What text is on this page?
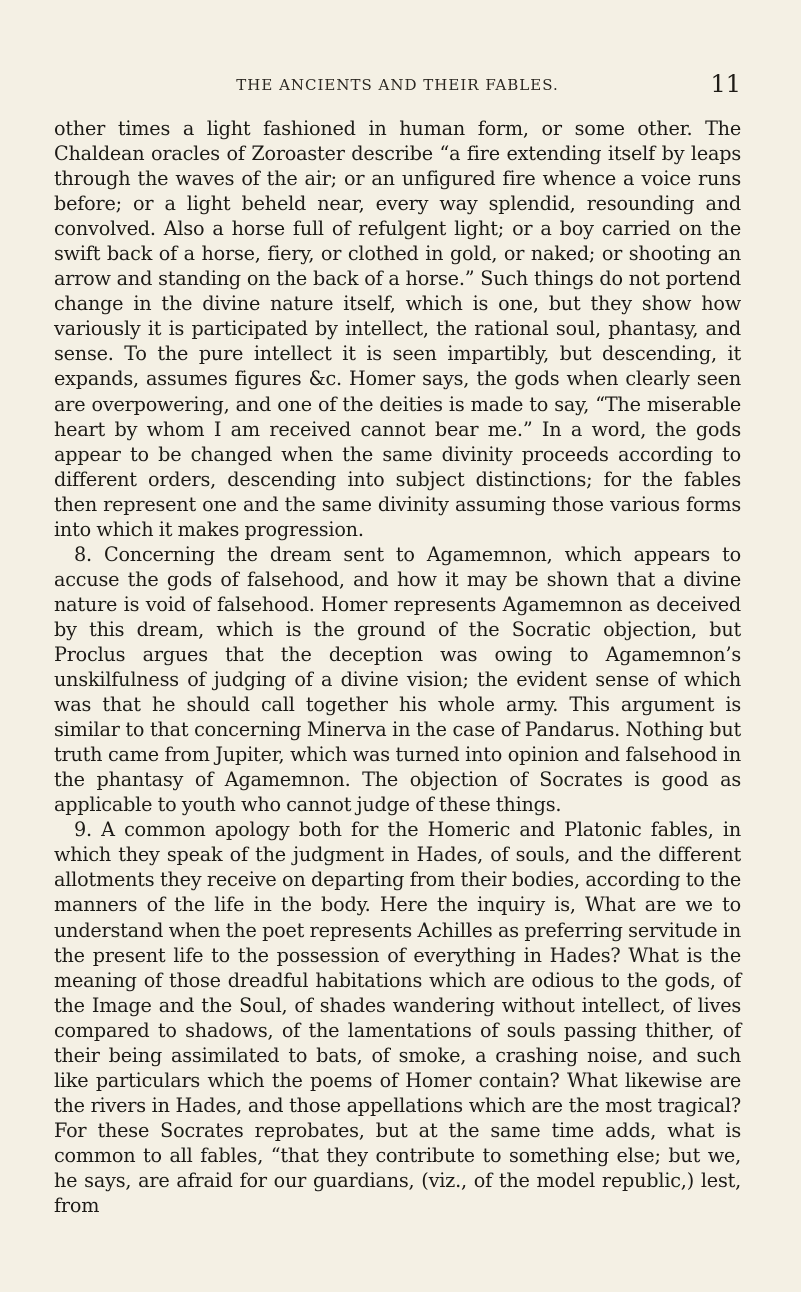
THE ANCIENTS AND THEIR FABLES.	11

other times a light fashioned in human form, or some other. The Chaldean oracles of Zoroaster describe “a fire extending itself by leaps through the waves of the air; or an unfigured fire whence a voice runs before; or a light beheld near, every way splendid, resounding and convolved. Also a horse full of refulgent light; or a boy carried on the swift back of a horse, fiery, or clothed in gold, or naked; or shooting an arrow and standing on the back of a horse.” Such things do not portend change in the divine nature itself, which is one, but they show how variously it is participated by intellect, the rational soul, phantasy, and sense. To the pure intellect it is seen impartibly, but descending, it expands, assumes figures &c. Homer says, the gods when clearly seen are overpowering, and one of the deities is made to say, “The miserable heart by whom I am received cannot bear me.” In a word, the gods appear to be changed when the same divinity proceeds according to different orders, descending into subject distinctions; for the fables then represent one and the same divinity assuming those various forms into which it makes progression.

8. Concerning the dream sent to Agamemnon, which appears to accuse the gods of falsehood, and how it may be shown that a divine nature is void of falsehood. Homer represents Agamemnon as deceived by this dream, which is the ground of the Socratic objection, but Proclus argues that the deception was owing to Agamemnon’s unskilfulness of judging of a divine vision; the evident sense of which was that he should call together his whole army. This argument is similar to that concerning Minerva in the case of Pandarus. Nothing but truth came from Jupiter, which was turned into opinion and falsehood in the phantasy of Agamemnon. The objection of Socrates is good as applicable to youth who cannot judge of these things.

9. A common apology both for the Homeric and Platonic fables, in which they speak of the judgment in Hades, of souls, and the different allotments they receive on departing from their bodies, according to the manners of the life in the body. Here the inquiry is, What are we to understand when the poet represents Achilles as preferring servitude in the present life to the possession of everything in Hades? What is the meaning of those dreadful habitations which are odious to the gods, of the Image and the Soul, of shades wandering without intellect, of lives compared to shadows, of the lamentations of souls passing thither, of their being assimilated to bats, of smoke, a crashing noise, and such like particulars which the poems of Homer contain? What likewise are the rivers in Hades, and those appellations which are the most tragical? For these Socrates reprobates, but at the same time adds, what is common to all fables, “that they contribute to something else; but we, he says, are afraid for our guardians, (viz., of the model republic,) lest, from
